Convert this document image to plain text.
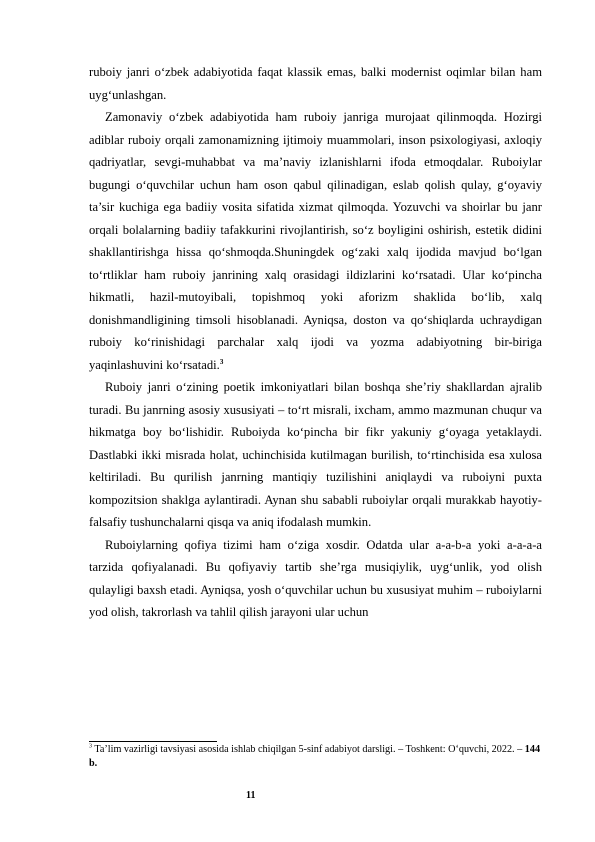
ruboiy janri o‘zbek adabiyotida faqat klassik emas, balki modernist oqimlar bilan ham uyg‘unlashgan.

Zamonaviy o‘zbek adabiyotida ham ruboiy janriga murojaat qilinmoqda. Hozirgi adiblar ruboiy orqali zamonamizning ijtimoiy muammolari, inson psixologiyasi, axloqiy qadriyatlar, sevgi-muhabbat va ma’naviy izlanishlarni ifoda etmoqdalar. Ruboiylar bugungi o‘quvchilar uchun ham oson qabul qilinadigan, eslab qolish qulay, g‘oyaviy ta’sir kuchiga ega badiiy vosita sifatida xizmat qilmoqda. Yozuvchi va shoirlar bu janr orqali bolalarning badiiy tafakkurini rivojlantirish, so‘z boyligini oshirish, estetik didini shakllantirishga hissa qo‘shmoqda.Shuningdek og‘zaki xalq ijodida mavjud bo‘lgan to‘rtliklar ham ruboiy janrining xalq orasidagi ildizlarini ko‘rsatadi. Ular ko‘pincha hikmatli, hazil-mutoyibali, topishmoq yoki aforizm shaklida bo‘lib, xalq donishmandligining timsoli hisoblanadi. Ayniqsa, doston va qo‘shiqlarda uchraydigan ruboiy ko‘rinishidagi parchalar xalq ijodi va yozma adabiyotning bir-biriga yaqinlashuvini ko‘rsatadi.$^3$

Ruboiy janri o‘zining poetik imkoniyatlari bilan boshqa she’riy shakllardan ajralib turadi. Bu janrning asosiy xususiyati – to‘rt misrali, ixcham, ammo mazmunan chuqur va hikmatga boy bo‘lishidir. Ruboiyda ko‘pincha bir fikr yakuniy g‘oyaga yetaklaydi. Dastlabki ikki misrada holat, uchinchisida kutilmagan burilish, to‘rtinchisida esa xulosa keltiriladi. Bu qurilish janrning mantiqiy tuzilishini aniqlaydi va ruboiyni puxta kompozitsion shaklga aylantiradi. Aynan shu sababli ruboiylar orqali murakkab hayotiy-falsafiy tushunchalarni qisqa va aniq ifodalash mumkin.

Ruboiylarning qofiya tizimi ham o‘ziga xosdir. Odatda ular a-a-b-a yoki a-a-a-a tarzida qofiyalanadi. Bu qofiyaviy tartib she’rga musiqiylik, uyg‘unlik, yod olish qulayligi baxsh etadi. Ayniqsa, yosh o‘quvchilar uchun bu xususiyat muhim – ruboiylarni yod olish, takrorlash va tahlil qilish jarayoni ular uchun

$^3$ Ta’lim vazirligi tavsiyasi asosida ishlab chiqilgan 5-sinf adabiyot darsligi. – Toshkent: O‘quvchi, 2022. – 144 b.

11
